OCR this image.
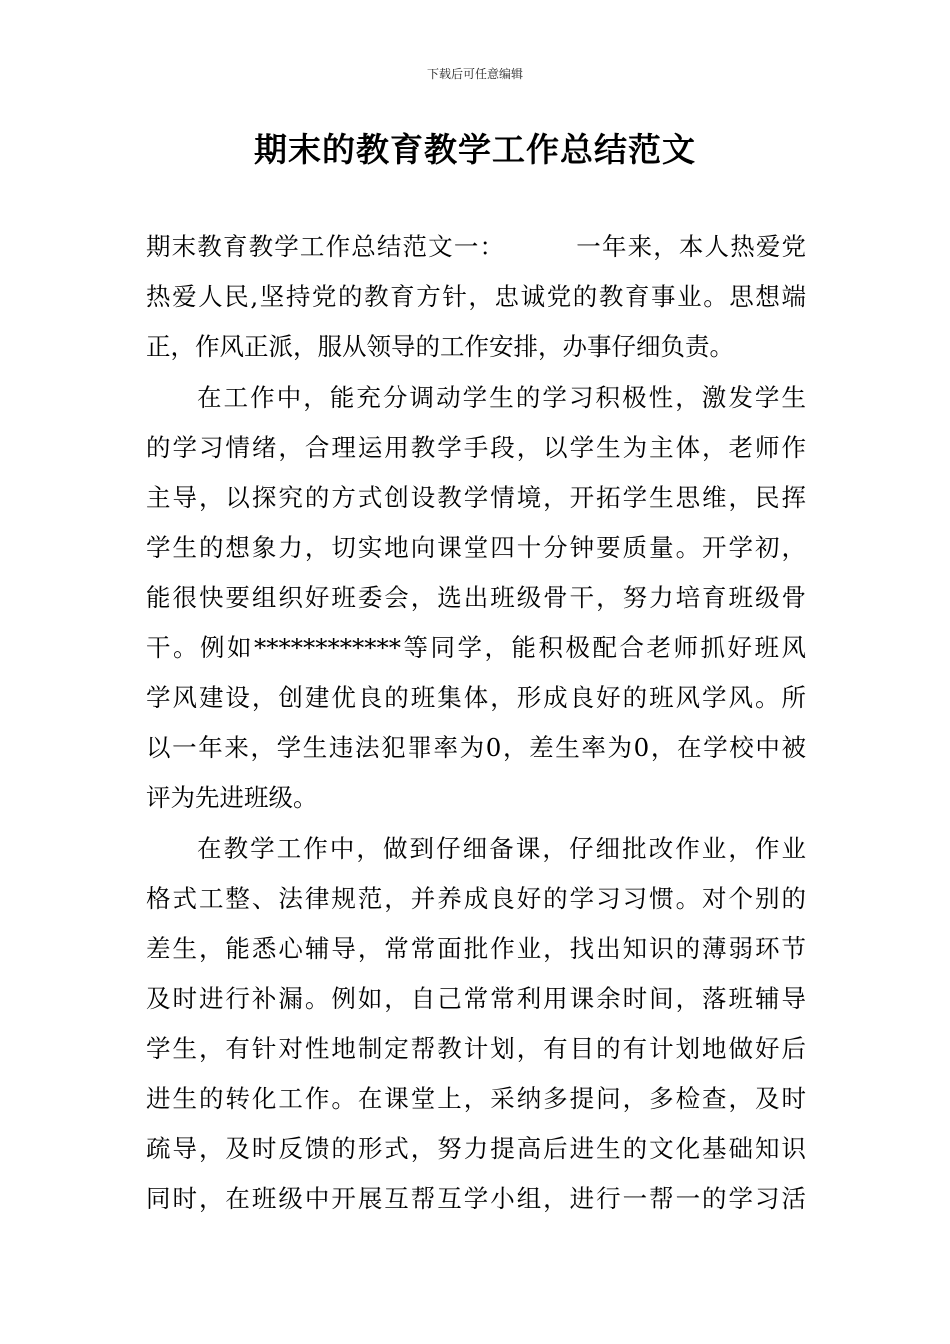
下载后可任意编辑
期末的教育教学工作总结范文
期末教育教学工作总结范文一：	一年来，本人热爱党
热爱人民,坚持党的教育方针，忠诚党的教育事业。思想端
正，作风正派，服从领导的工作安排，办事仔细负责。
在工作中，能充分调动学生的学习积极性，激发学生
的学习情绪，合理运用教学手段，以学生为主体，老师作
主导，以探究的方式创设教学情境，开拓学生思维，民挥
学生的想象力，切实地向课堂四十分钟要质量。开学初，
能很快要组织好班委会，选出班级骨干，努力培育班级骨
干。例如************等同学，能积极配合老师抓好班风
学风建设，创建优良的班集体，形成良好的班风学风。所
以一年来，学生违法犯罪率为0，差生率为0，在学校中被
评为先进班级。
在教学工作中，做到仔细备课，仔细批改作业，作业
格式工整、法律规范，并养成良好的学习习惯。对个别的
差生，能悉心辅导，常常面批作业，找出知识的薄弱环节
及时进行补漏。例如，自己常常利用课余时间，落班辅导
学生，有针对性地制定帮教计划，有目的有计划地做好后
进生的转化工作。在课堂上，采纳多提问，多检查，及时
疏导，及时反馈的形式，努力提高后进生的文化基础知识
同时，在班级中开展互帮互学小组，进行一帮一的学习活
